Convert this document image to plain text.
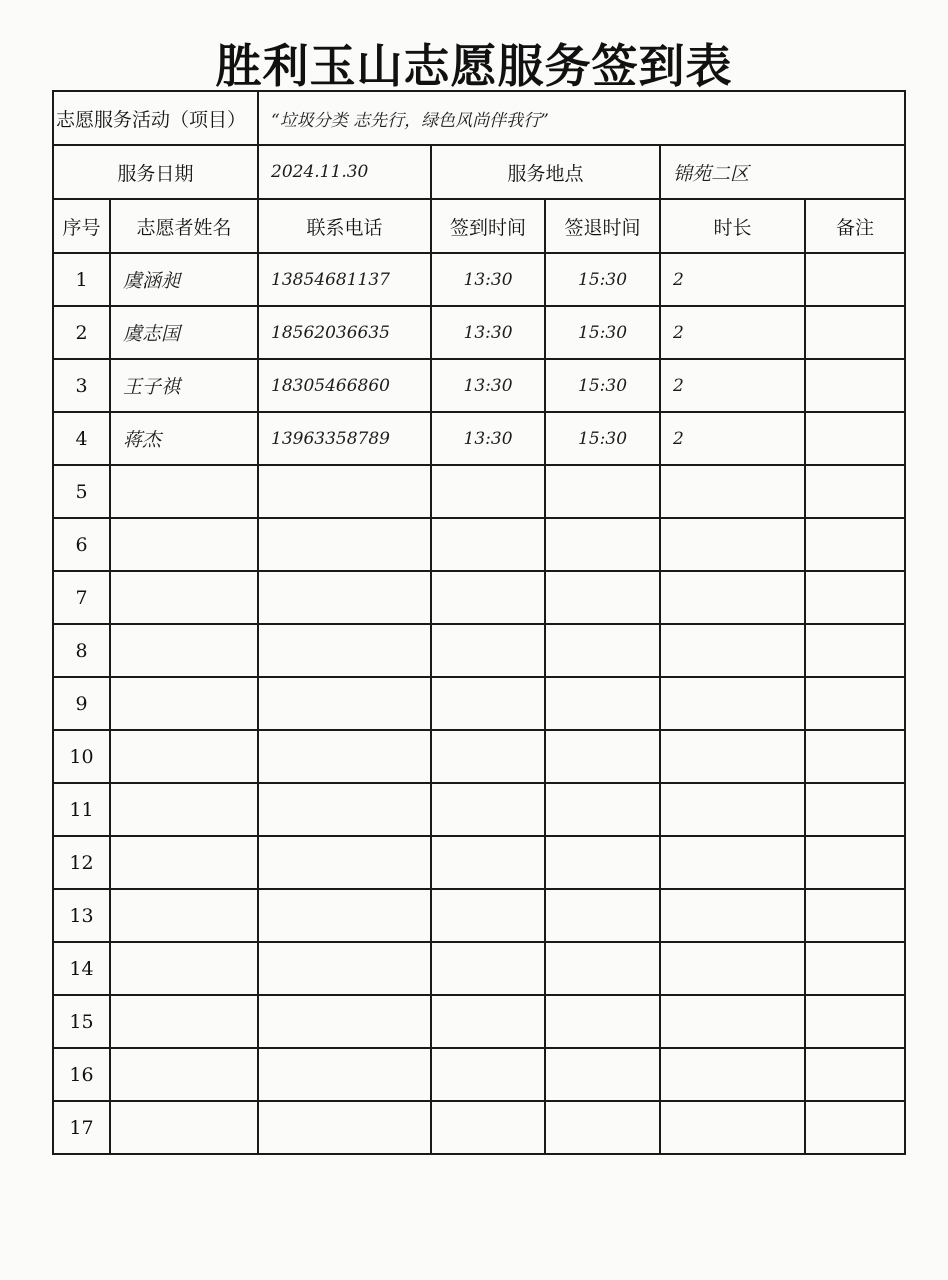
胜利玉山志愿服务签到表
志愿服务活动（项目）		“垃圾分类 志先行，绿色风尚伴我行”				
服务日期		2024.11.30	服务地点		锦苑二区	
序号	志愿者姓名	联系电话	签到时间	签退时间	时长	备注
1	虞涵昶	13854681137	13:30	15:30	2	
2	虞志国	18562036635	13:30	15:30	2	
3	王子祺	18305466860	13:30	15:30	2	
4	蒋杰	13963358789	13:30	15:30	2	
5						
6						
7						
8						
9						
10						
11						
12						
13						
14						
15						
16						
17						
